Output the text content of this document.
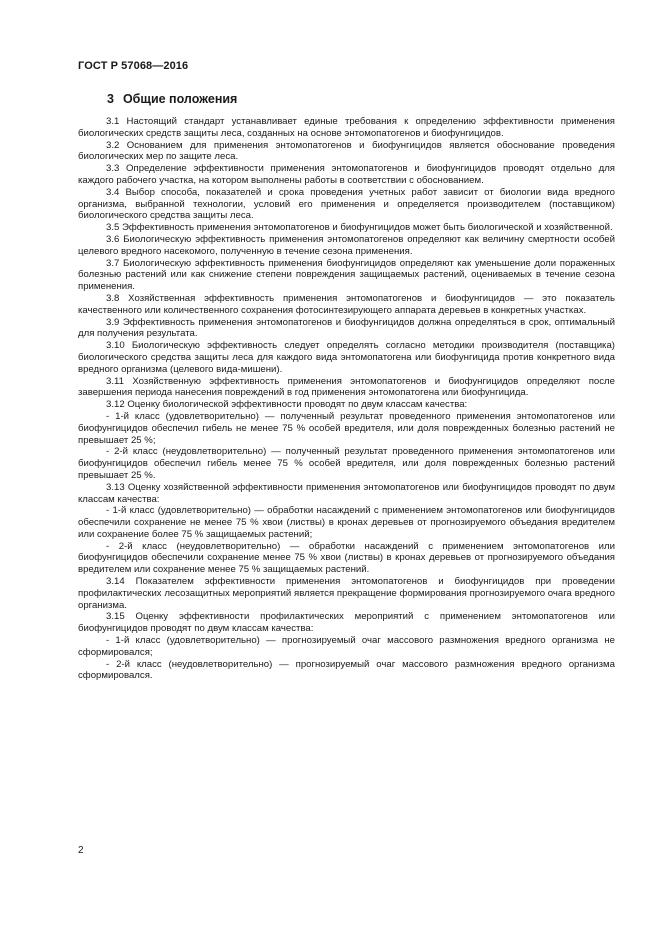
ГОСТ Р 57068—2016
3 Общие положения

3.1 Настоящий стандарт устанавливает единые требования к определению эффективности применения биологических средств защиты леса, созданных на основе энтомопатогенов и биофунгицидов.

3.2 Основанием для применения энтомопатогенов и биофунгицидов является обоснование проведения биологических мер по защите леса.

3.3 Определение эффективности применения энтомопатогенов и биофунгицидов проводят отдельно для каждого рабочего участка, на котором выполнены работы в соответствии с обоснованием.

3.4 Выбор способа, показателей и срока проведения учетных работ зависит от биологии вида вредного организма, выбранной технологии, условий его применения и определяется производителем (поставщиком) биологического средства защиты леса.

3.5 Эффективность применения энтомопатогенов и биофунгицидов может быть биологической и хозяйственной.

3.6 Биологическую эффективность применения энтомопатогенов определяют как величину смертности особей целевого вредного насекомого, полученную в течение сезона применения.

3.7 Биологическую эффективность применения биофунгицидов определяют как уменьшение доли пораженных болезнью растений или как снижение степени повреждения защищаемых растений, оцениваемых в течение сезона применения.

3.8 Хозяйственная эффективность применения энтомопатогенов и биофунгицидов — это показатель качественного или количественного сохранения фотосинтезирующего аппарата деревьев в конкретных участках.

3.9 Эффективность применения энтомопатогенов и биофунгицидов должна определяться в срок, оптимальный для получения результата.

3.10 Биологическую эффективность следует определять согласно методики производителя (поставщика) биологического средства защиты леса для каждого вида энтомопатогена или биофунгицида против конкретного вида вредного организма (целевого вида-мишени).

3.11 Хозяйственную эффективность применения энтомопатогенов и биофунгицидов определяют после завершения периода нанесения повреждений в год применения энтомопатогена или биофунгицида.

3.12 Оценку биологической эффективности проводят по двум классам качества:

- 1-й класс (удовлетворительно) — полученный результат проведенного применения энтомопатогенов или биофунгицидов обеспечил гибель не менее 75 % особей вредителя, или доля поврежденных болезнью растений не превышает 25 %;

- 2-й класс (неудовлетворительно) — полученный результат проведенного применения энтомопатогенов или биофунгицидов обеспечил гибель менее 75 % особей вредителя, или доля поврежденных болезнью растений превышает 25 %.

3.13 Оценку хозяйственной эффективности применения энтомопатогенов или биофунгицидов проводят по двум классам качества:

- 1-й класс (удовлетворительно) — обработки насаждений с применением энтомопатогенов или биофунгицидов обеспечили сохранение не менее 75 % хвои (листвы) в кронах деревьев от прогнозируемого объедания вредителем или сохранение более 75 % защищаемых растений;

- 2-й класс (неудовлетворительно) — обработки насаждений с применением энтомопатогенов или биофунгицидов обеспечили сохранение менее 75 % хвои (листвы) в кронах деревьев от прогнозируемого объедания вредителем или сохранение менее 75 % защищаемых растений.

3.14 Показателем эффективности применения энтомопатогенов и биофунгицидов при проведении профилактических лесозащитных мероприятий является прекращение формирования прогнозируемого очага вредного организма.

3.15 Оценку эффективности профилактических мероприятий с применением энтомопатогенов или биофунгицидов проводят по двум классам качества:

- 1-й класс (удовлетворительно) — прогнозируемый очаг массового размножения вредного организма не сформировался;

- 2-й класс (неудовлетворительно) — прогнозируемый очаг массового размножения вредного организма сформировался.

2
